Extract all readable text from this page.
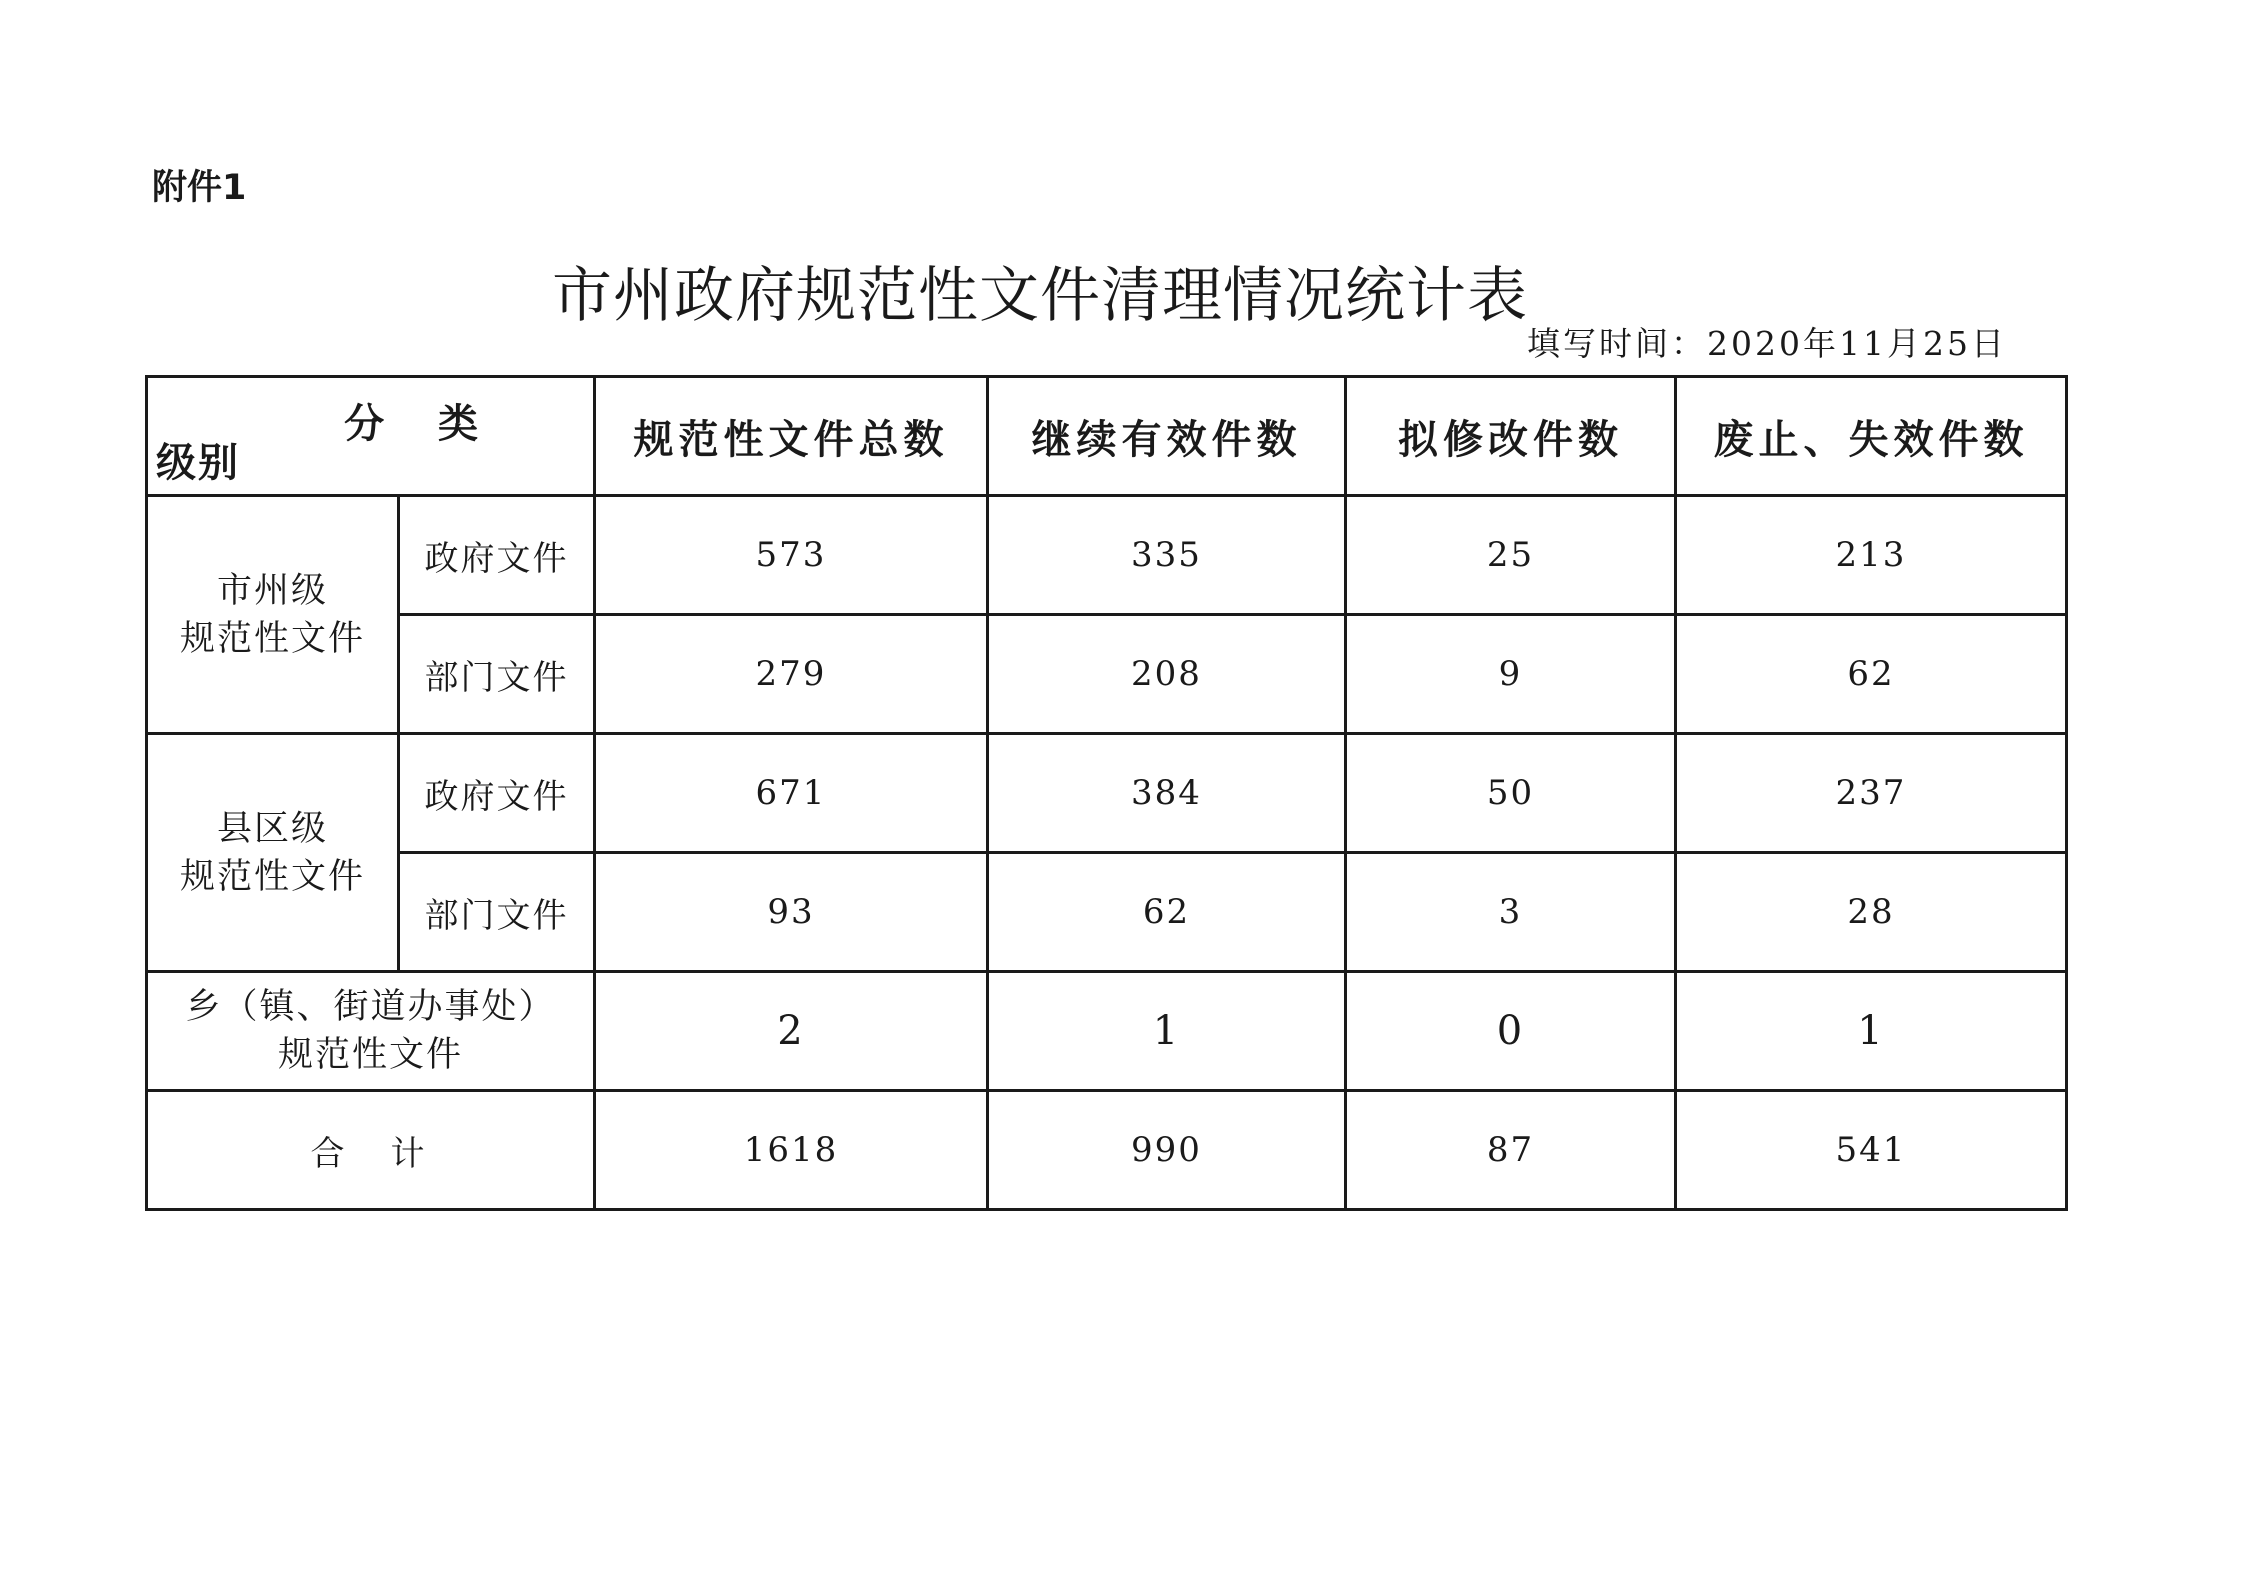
附件1
市州政府规范性文件清理情况统计表
填写时间：2020年11月25日
分 类
级别		规范性文件总数	继续有效件数	拟修改件数	废止、失效件数

市州级
规范性文件	政府文件	573	335	25	213
	部门文件	279	208	9	62

县区级
规范性文件	政府文件	671	384	50	237
	部门文件	93	62	3	28

乡（镇、街道办事处）
规范性文件		2	1	0	1
合　计		1618	990	87	541
